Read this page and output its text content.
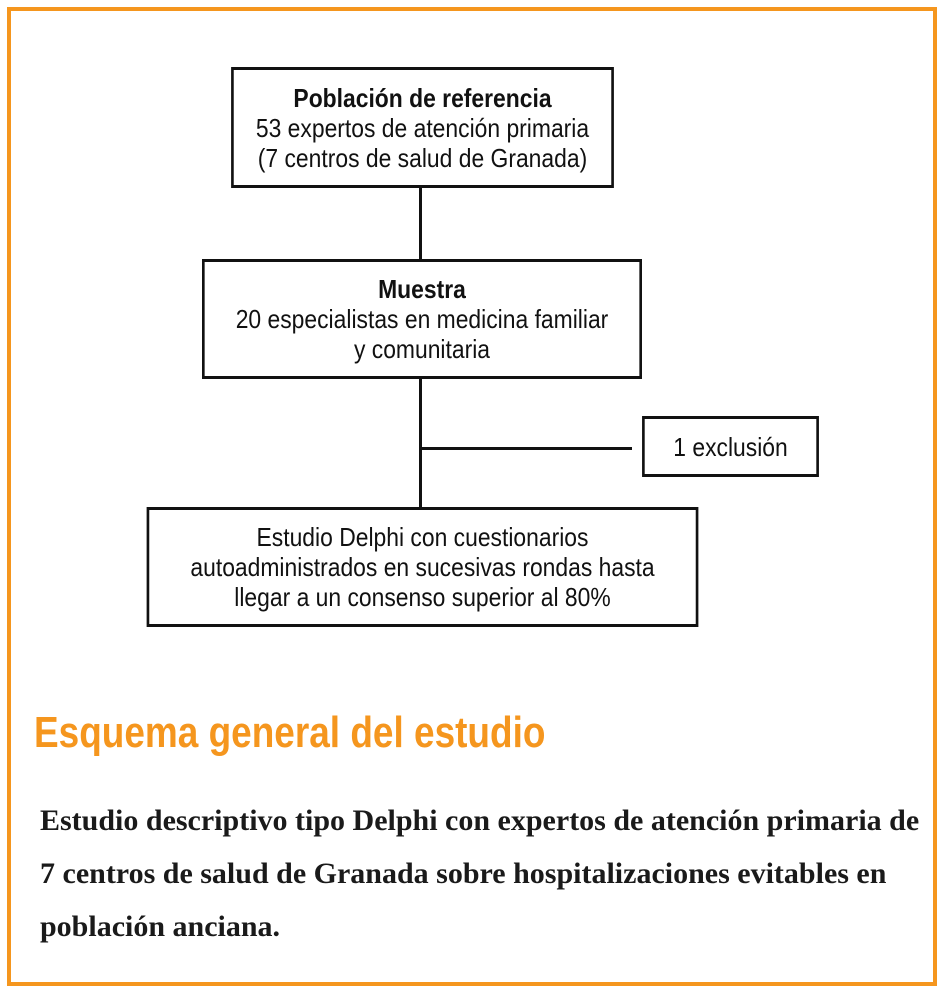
Población de referencia
53 expertos de atención primaria
(7 centros de salud de Granada)
Muestra
20 especialistas en medicina familiar
y comunitaria
1 exclusión
Estudio Delphi con cuestionarios
autoadministrados en sucesivas rondas hasta
llegar a un consenso superior al 80%
Esquema general del estudio
Estudio descriptivo tipo Delphi con expertos de atención primaria de 7 centros de salud de Granada sobre hospitalizaciones evitables en población anciana.
